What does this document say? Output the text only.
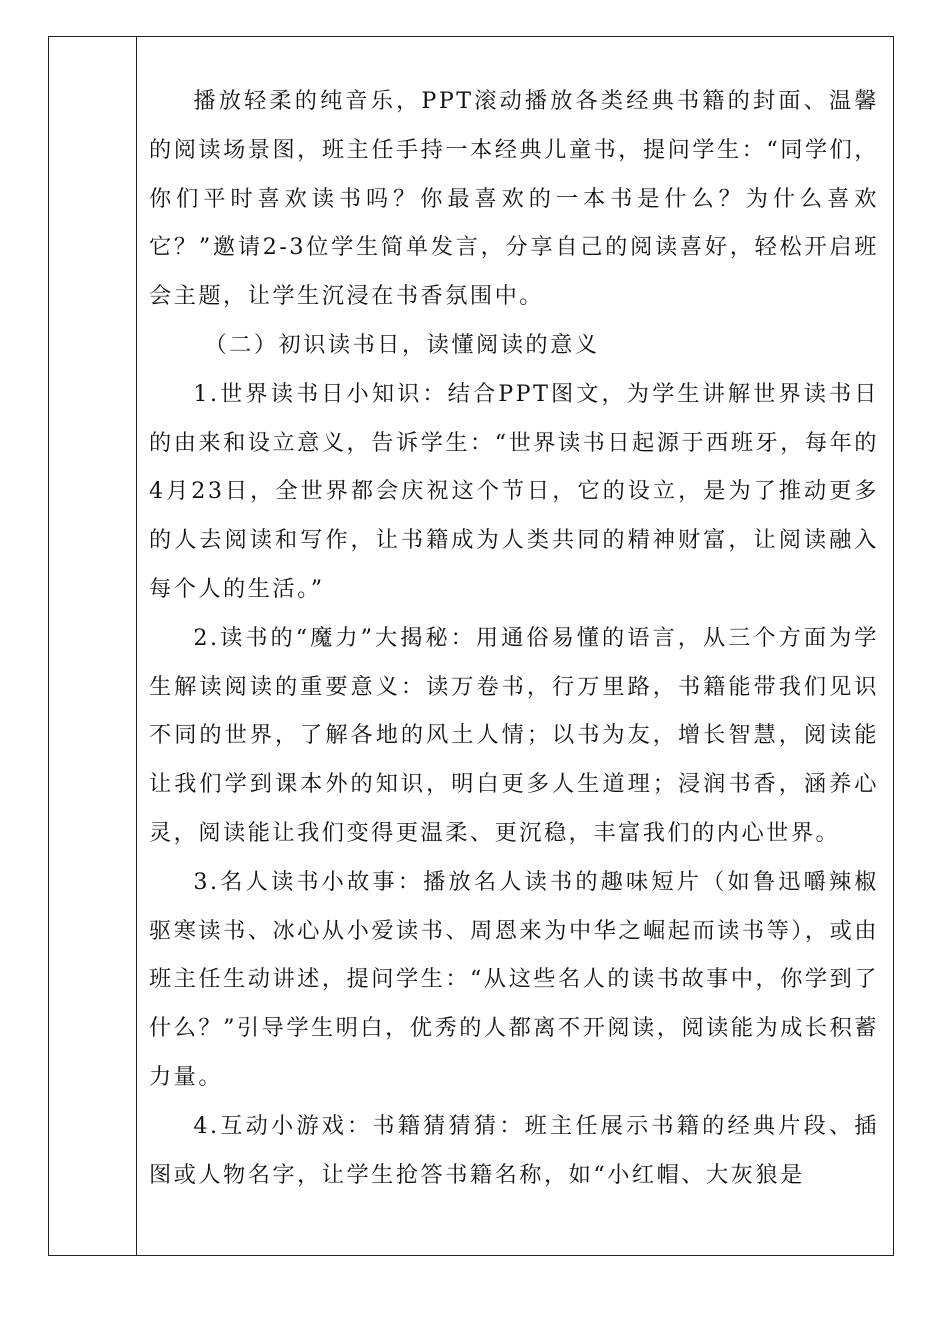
播放轻柔的纯音乐，PPT滚动播放各类经典书籍的封面、温馨的阅读场景图，班主任手持一本经典儿童书，提问学生：“同学们，你们平时喜欢读书吗？你最喜欢的一本书是什么？为什么喜欢它？”邀请2-3位学生简单发言，分享自己的阅读喜好，轻松开启班会主题，让学生沉浸在书香氛围中。

（二）初识读书日，读懂阅读的意义

1.世界读书日小知识：结合PPT图文，为学生讲解世界读书日的由来和设立意义，告诉学生：“世界读书日起源于西班牙，每年的4月23日，全世界都会庆祝这个节日，它的设立，是为了推动更多的人去阅读和写作，让书籍成为人类共同的精神财富，让阅读融入每个人的生活。”

2.读书的“魔力”大揭秘：用通俗易懂的语言，从三个方面为学生解读阅读的重要意义：读万卷书，行万里路，书籍能带我们见识不同的世界，了解各地的风土人情；以书为友，增长智慧，阅读能让我们学到课本外的知识，明白更多人生道理；浸润书香，涵养心灵，阅读能让我们变得更温柔、更沉稳，丰富我们的内心世界。

3.名人读书小故事：播放名人读书的趣味短片（如鲁迅嚼辣椒驱寒读书、冰心从小爱读书、周恩来为中华之崛起而读书等），或由班主任生动讲述，提问学生：“从这些名人的读书故事中，你学到了什么？”引导学生明白，优秀的人都离不开阅读，阅读能为成长积蓄力量。

4.互动小游戏：书籍猜猜猜：班主任展示书籍的经典片段、插图或人物名字，让学生抢答书籍名称，如“小红帽、大灰狼是
